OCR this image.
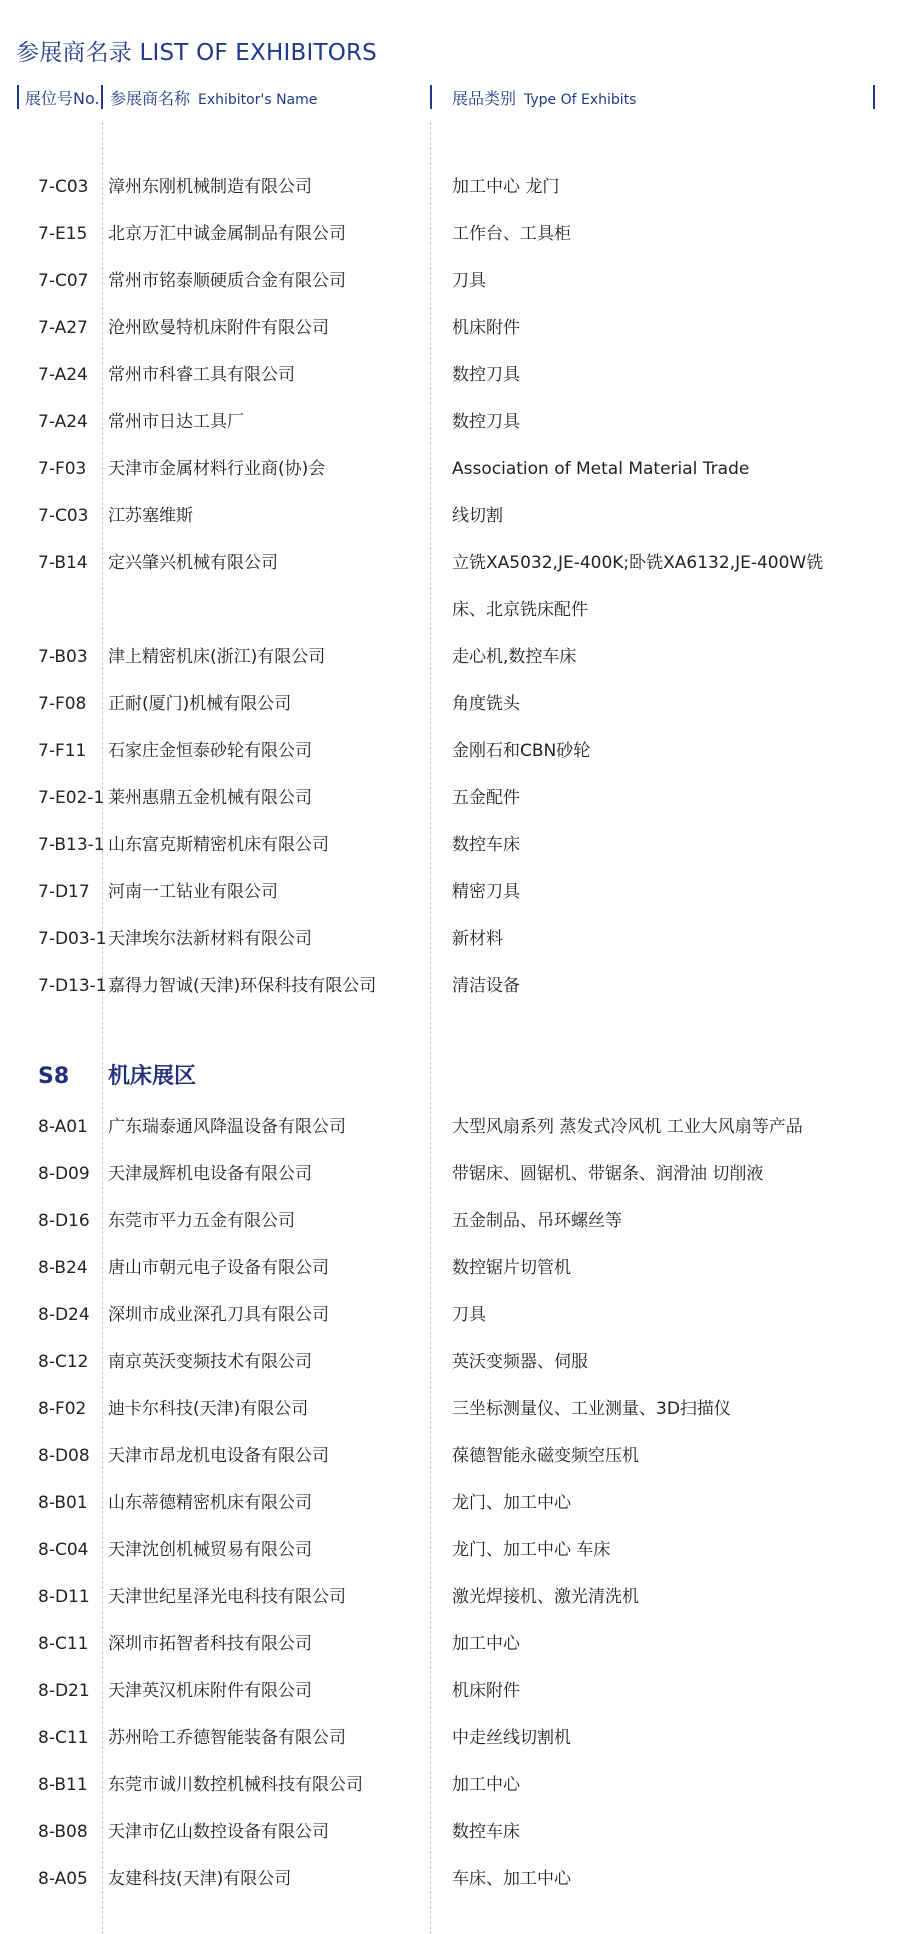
参展商名录 LIST OF EXHIBITORS
展位号No. 参展商名称 Exhibitor's Name	展品类别 Type Of Exhibits
7-C03 漳州东刚机械制造有限公司	加工中心 龙门
7-E15 北京万汇中诚金属制品有限公司	工作台、工具柜
7-C07 常州市铭泰顺硬质合金有限公司	刀具
7-A27 沧州欧曼特机床附件有限公司	机床附件
7-A24 常州市科睿工具有限公司	数控刀具
7-A24 常州市日达工具厂	数控刀具
7-F03 天津市金属材料行业商(协)会	Association of Metal Material Trade
7-C03 江苏塞维斯	线切割
7-B14 定兴肇兴机械有限公司	立铣XA5032,JE-400K;卧铣XA6132,JE-400W铣
床、北京铣床配件
7-B03 津上精密机床(浙江)有限公司	走心机,数控车床
7-F08 正耐(厦门)机械有限公司	角度铣头
7-F11 石家庄金恒泰砂轮有限公司	金刚石和CBN砂轮
7-E02-1 莱州惠鼎五金机械有限公司	五金配件
7-B13-1 山东富克斯精密机床有限公司	数控车床
7-D17 河南一工钻业有限公司	精密刀具
7-D03-1 天津埃尔法新材料有限公司	新材料
7-D13-1 嘉得力智诚(天津)环保科技有限公司	清洁设备
S8 机床展区
8-A01 广东瑞泰通风降温设备有限公司	大型风扇系列 蒸发式冷风机 工业大风扇等产品
8-D09 天津晟辉机电设备有限公司	带锯床、圆锯机、带锯条、润滑油 切削液
8-D16 东莞市平力五金有限公司	五金制品、吊环螺丝等
8-B24 唐山市朝元电子设备有限公司	数控锯片切管机
8-D24 深圳市成业深孔刀具有限公司	刀具
8-C12 南京英沃变频技术有限公司	英沃变频器、伺服
8-F02 迪卡尔科技(天津)有限公司	三坐标测量仪、工业测量、3D扫描仪
8-D08 天津市昂龙机电设备有限公司	葆德智能永磁变频空压机
8-B01 山东蒂德精密机床有限公司	龙门、加工中心
8-C04 天津沈创机械贸易有限公司	龙门、加工中心 车床
8-D11 天津世纪星泽光电科技有限公司	激光焊接机、激光清洗机
8-C11 深圳市拓智者科技有限公司	加工中心
8-D21 天津英汉机床附件有限公司	机床附件
8-C11 苏州哈工乔德智能装备有限公司	中走丝线切割机
8-B11 东莞市诚川数控机械科技有限公司	加工中心
8-B08 天津市亿山数控设备有限公司	数控车床
8-A05 友建科技(天津)有限公司	车床、加工中心
